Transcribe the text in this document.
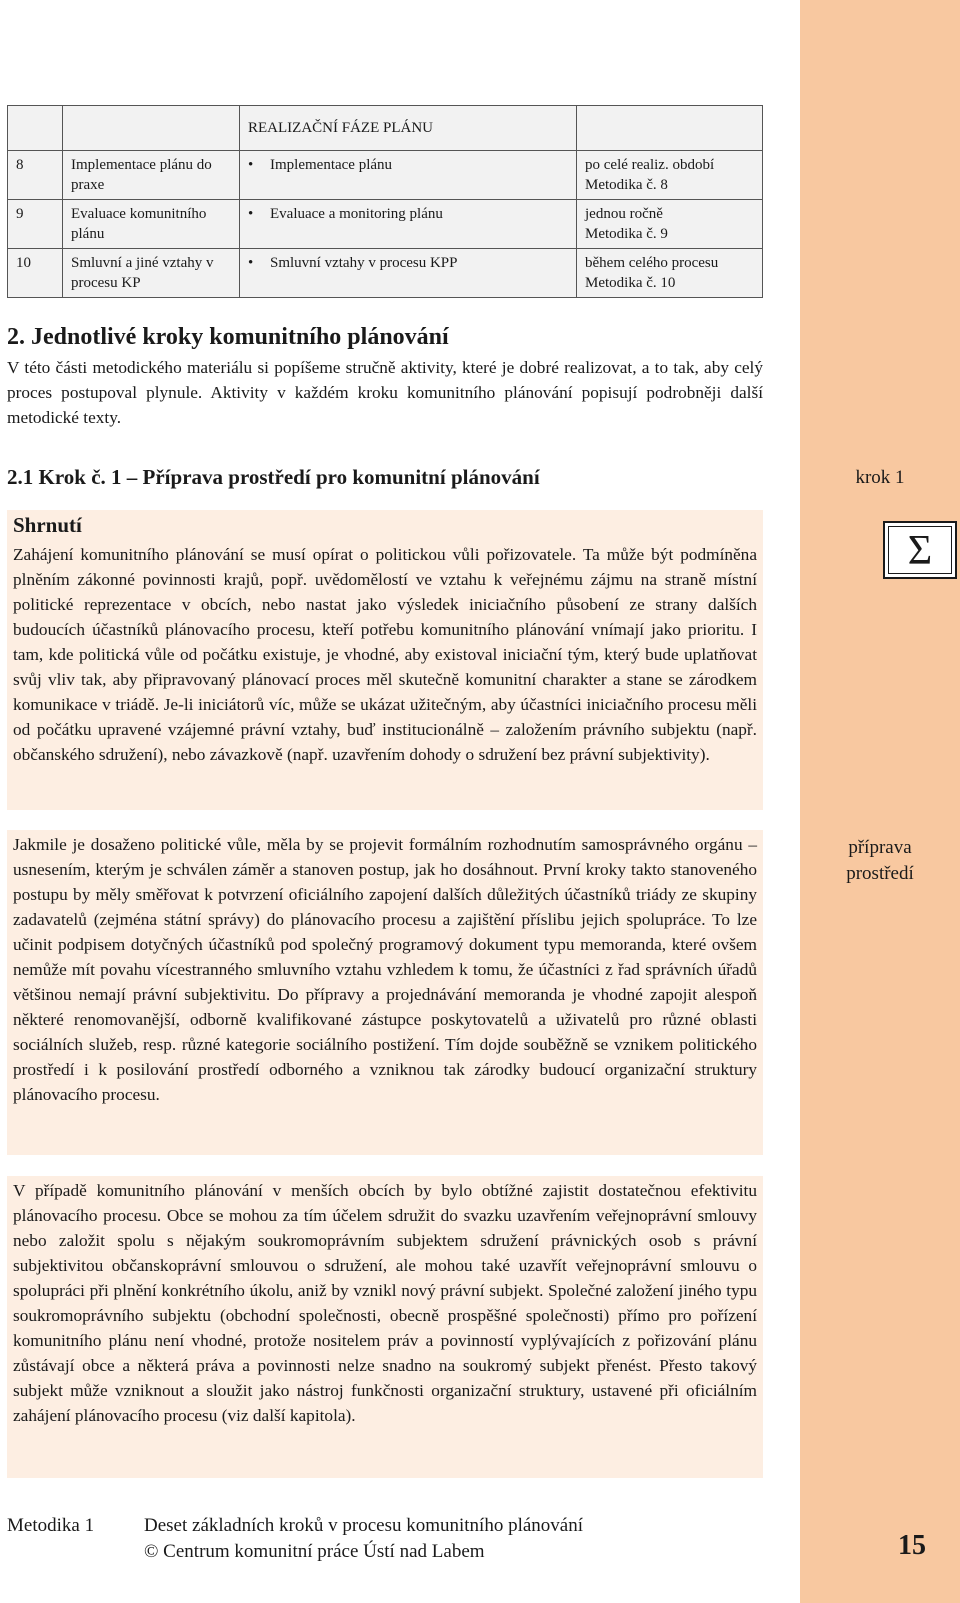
		REALIZAČNÍ FÁZE PLÁNU	
8	Implementace plánu do praxe	• Implementace plánu	po celé realiz. období
Metodika č. 8

9	Evaluace komunitního plánu	• Evaluace a monitoring plánu	jednou ročně
Metodika č. 9

10	Smluvní a jiné vztahy v procesu KP	• Smluvní vztahy v procesu KPP	během celého procesu
Metodika č. 10
2. Jednotlivé kroky komunitního plánování
V této části metodického materiálu si popíšeme stručně aktivity, které je dobré realizovat, a to tak, aby celý proces postupoval plynule. Aktivity v každém kroku komunitního plánování popisují podrobněji další metodické texty.
2.1 Krok č. 1 – Příprava prostředí pro komunitní plánování	krok 1
Σ
Shrnutí
Zahájení komunitního plánování se musí opírat o politickou vůli pořizovatele. Ta může být podmíněna plněním zákonné povinnosti krajů, popř. uvědomělostí ve vztahu k veřejnému zájmu na straně místní politické reprezentace v obcích, nebo nastat jako výsledek iniciačního působení ze strany dalších budoucích účastníků plánovacího procesu, kteří potřebu komunitního plánování vnímají jako prioritu. I tam, kde politická vůle od počátku existuje, je vhodné, aby existoval iniciační tým, který bude uplatňovat svůj vliv tak, aby připravovaný plánovací proces měl skutečně komunitní charakter a stane se zárodkem komunikace v triádě. Je-li iniciátorů víc, může se ukázat užitečným, aby účastníci iniciačního procesu měli od počátku upravené vzájemné právní vztahy, buď institucionálně – založením právního subjektu (např. občanského sdružení), nebo závazkově (např. uzavřením dohody o sdružení bez právní subjektivity).
Jakmile je dosaženo politické vůle, měla by se projevit formálním rozhodnutím samosprávného orgánu – usnesením, kterým je schválen záměr a stanoven postup, jak ho dosáhnout. První kroky takto stanoveného postupu by měly směřovat k potvrzení oficiálního zapojení dalších důležitých účastníků triády ze skupiny zadavatelů (zejména státní správy) do plánovacího procesu a zajištění příslibu jejich spolupráce. To lze učinit podpisem dotyčných účastníků pod společný programový dokument typu memoranda, které ovšem nemůže mít povahu vícestranného smluvního vztahu vzhledem k tomu, že účastníci z řad správních úřadů většinou nemají právní subjektivitu. Do přípravy a projednávání memoranda je vhodné zapojit alespoň některé renomovanější, odborně kvalifikované zástupce poskytovatelů a uživatelů pro různé oblasti sociálních služeb, resp. různé kategorie sociálního postižení. Tím dojde souběžně se vznikem politického prostředí i k posilování prostředí odborného a vzniknou tak zárodky budoucí organizační struktury plánovacího procesu.
příprava
prostředí
V případě komunitního plánování v menších obcích by bylo obtížné zajistit dostatečnou efektivitu plánovacího procesu. Obce se mohou za tím účelem sdružit do svazku uzavřením veřejnoprávní smlouvy nebo založit spolu s nějakým soukromoprávním subjektem sdružení právnických osob s právní subjektivitou občanskoprávní smlouvou o sdružení, ale mohou také uzavřít veřejnoprávní smlouvu o spolupráci při plnění konkrétního úkolu, aniž by vznikl nový právní subjekt. Společné založení jiného typu soukromoprávního subjektu (obchodní společnosti, obecně prospěšné společnosti) přímo pro pořízení komunitního plánu není vhodné, protože nositelem práv a povinností vyplývajících z pořizování plánu zůstávají obce a některá práva a povinnosti nelze snadno na soukromý subjekt přenést. Přesto takový subjekt může vzniknout a sloužit jako nástroj funkčnosti organizační struktury, ustavené při oficiálním zahájení plánovacího procesu (viz další kapitola).
Metodika 1	Deset základních kroků v procesu komunitního plánování
© Centrum komunitní práce Ústí nad Labem	15
